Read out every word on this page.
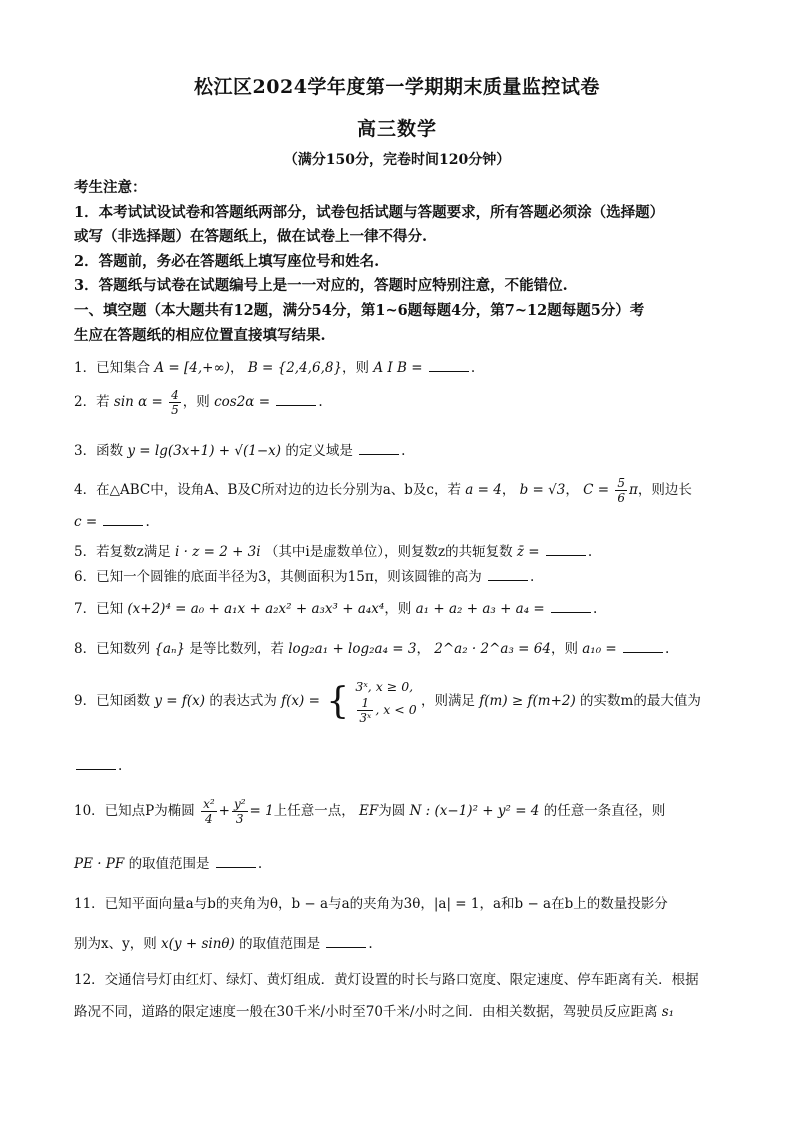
松江区2024学年度第一学期期末质量监控试卷
高三数学
（满分150分，完卷时间120分钟）
考生注意：
1．本考试试设试卷和答题纸两部分，试卷包括试题与答题要求，所有答题必须涂（选择题）
或写（非选择题）在答题纸上，做在试卷上一律不得分.
2．答题前，务必在答题纸上填写座位号和姓名.
3．答题纸与试卷在试题编号上是一一对应的，答题时应特别注意，不能错位.
一、填空题（本大题共有12题，满分54分，第1~6题每题4分，第7~12题每题5分）考
生应在答题纸的相应位置直接填写结果.
1．已知集合 A = [4,+∞)， B = {2,4,6,8}，则 A I B =	.
2．若 $\sin \alpha = \frac{4}{5}$ ，则 cos2α =	.
3．函数 y = lg(3x+1) + √(1−x) 的定义域是	.
4．在△ABC中，设角A、B及C所对边的边长分别为a、b及c，若 a = 4， b = √3， $C = \frac{5}{6}$ π，则边长
c =	.
5．若复数z满足 i · z = 2 + 3i （其中i是虚数单位），则复数z的共轭复数 z̄ =	.
6．已知一个圆锥的底面半径为3，其侧面积为15π，则该圆锥的高为	.
7．已知 (x+2)⁴ = a₀ + a₁x + a₂x² + a₃x³ + a₄x⁴，则 a₁ + a₂ + a₃ + a₄ =	.
8．已知数列 {aₙ} 是等比数列，若 log₂a₁ + log₂a₄ = 3， 2^a₂ · 2^a₃ = 64，则 a₁₀ =	.
9．已知函数 y = f(x) 的表达式为 f(x) = { 3ˣ, x ≥ 0,
$\frac{1}{\text{3ˣ}}$ , x < 0
，则满足 f(m) ≥ f(m+2) 的实数m的最大值为
.
10．已知点P为椭圆 $\frac{\text{x²}}{4} + \frac{\text{y²}}{3} = 1$上任意一点， EF为圆 N : (x−1)² + y² = 4 的任意一条直径，则
PE · PF 的取值范围是	.
11．已知平面向量a与b的夹角为θ，b − a与a的夹角为3θ，|a| = 1，a和b − a在b上的数量投影分
别为x、y，则 x(y + sinθ) 的取值范围是	.
12．交通信号灯由红灯、绿灯、黄灯组成．黄灯设置的时长与路口宽度、限定速度、停车距离有关．根据
路况不同，道路的限定速度一般在30千米/小时至70千米/小时之间．由相关数据，驾驶员反应距离 s₁
